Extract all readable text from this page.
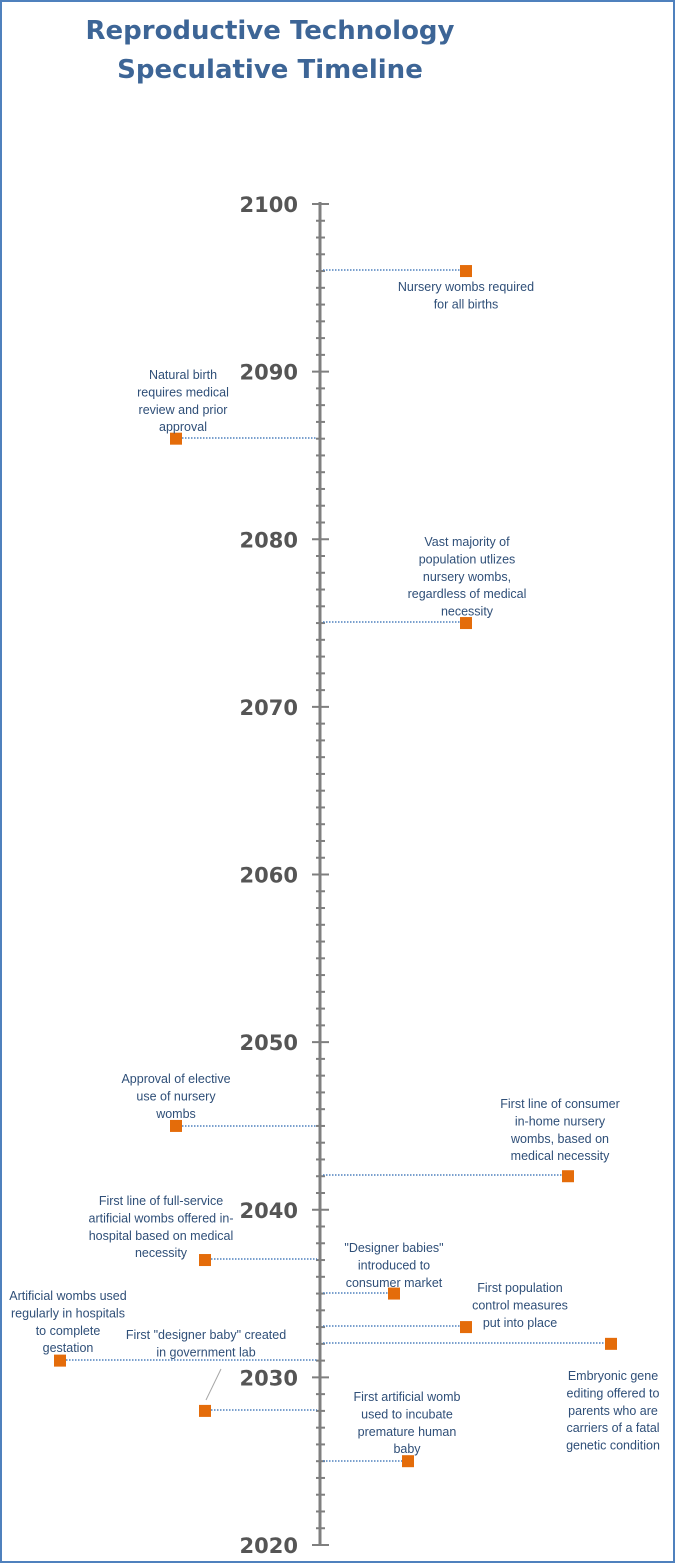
Reproductive Technology
Speculative Timeline
2020
2030
2040
2050
2060
2070
2080
2090
2100
Nursery wombs required for all births
Natural birth requires medical review and prior approval
Vast majority of population utlizes nursery wombs, regardless of medical necessity
Approval of elective use of nursery wombs
First line of consumer in-home nursery wombs, based on medical necessity
First line of full-service artificial wombs offered in-hospital based on medical necessity	"Designer babies" introduced to consumer market	First population control measures put into place
Embryonic gene editing offered to parents who are carriers of a fatal genetic condition
Artificial wombs used regularly in hospitals to complete gestation
First "designer baby" created in government lab
First artificial womb used to incubate premature human baby
